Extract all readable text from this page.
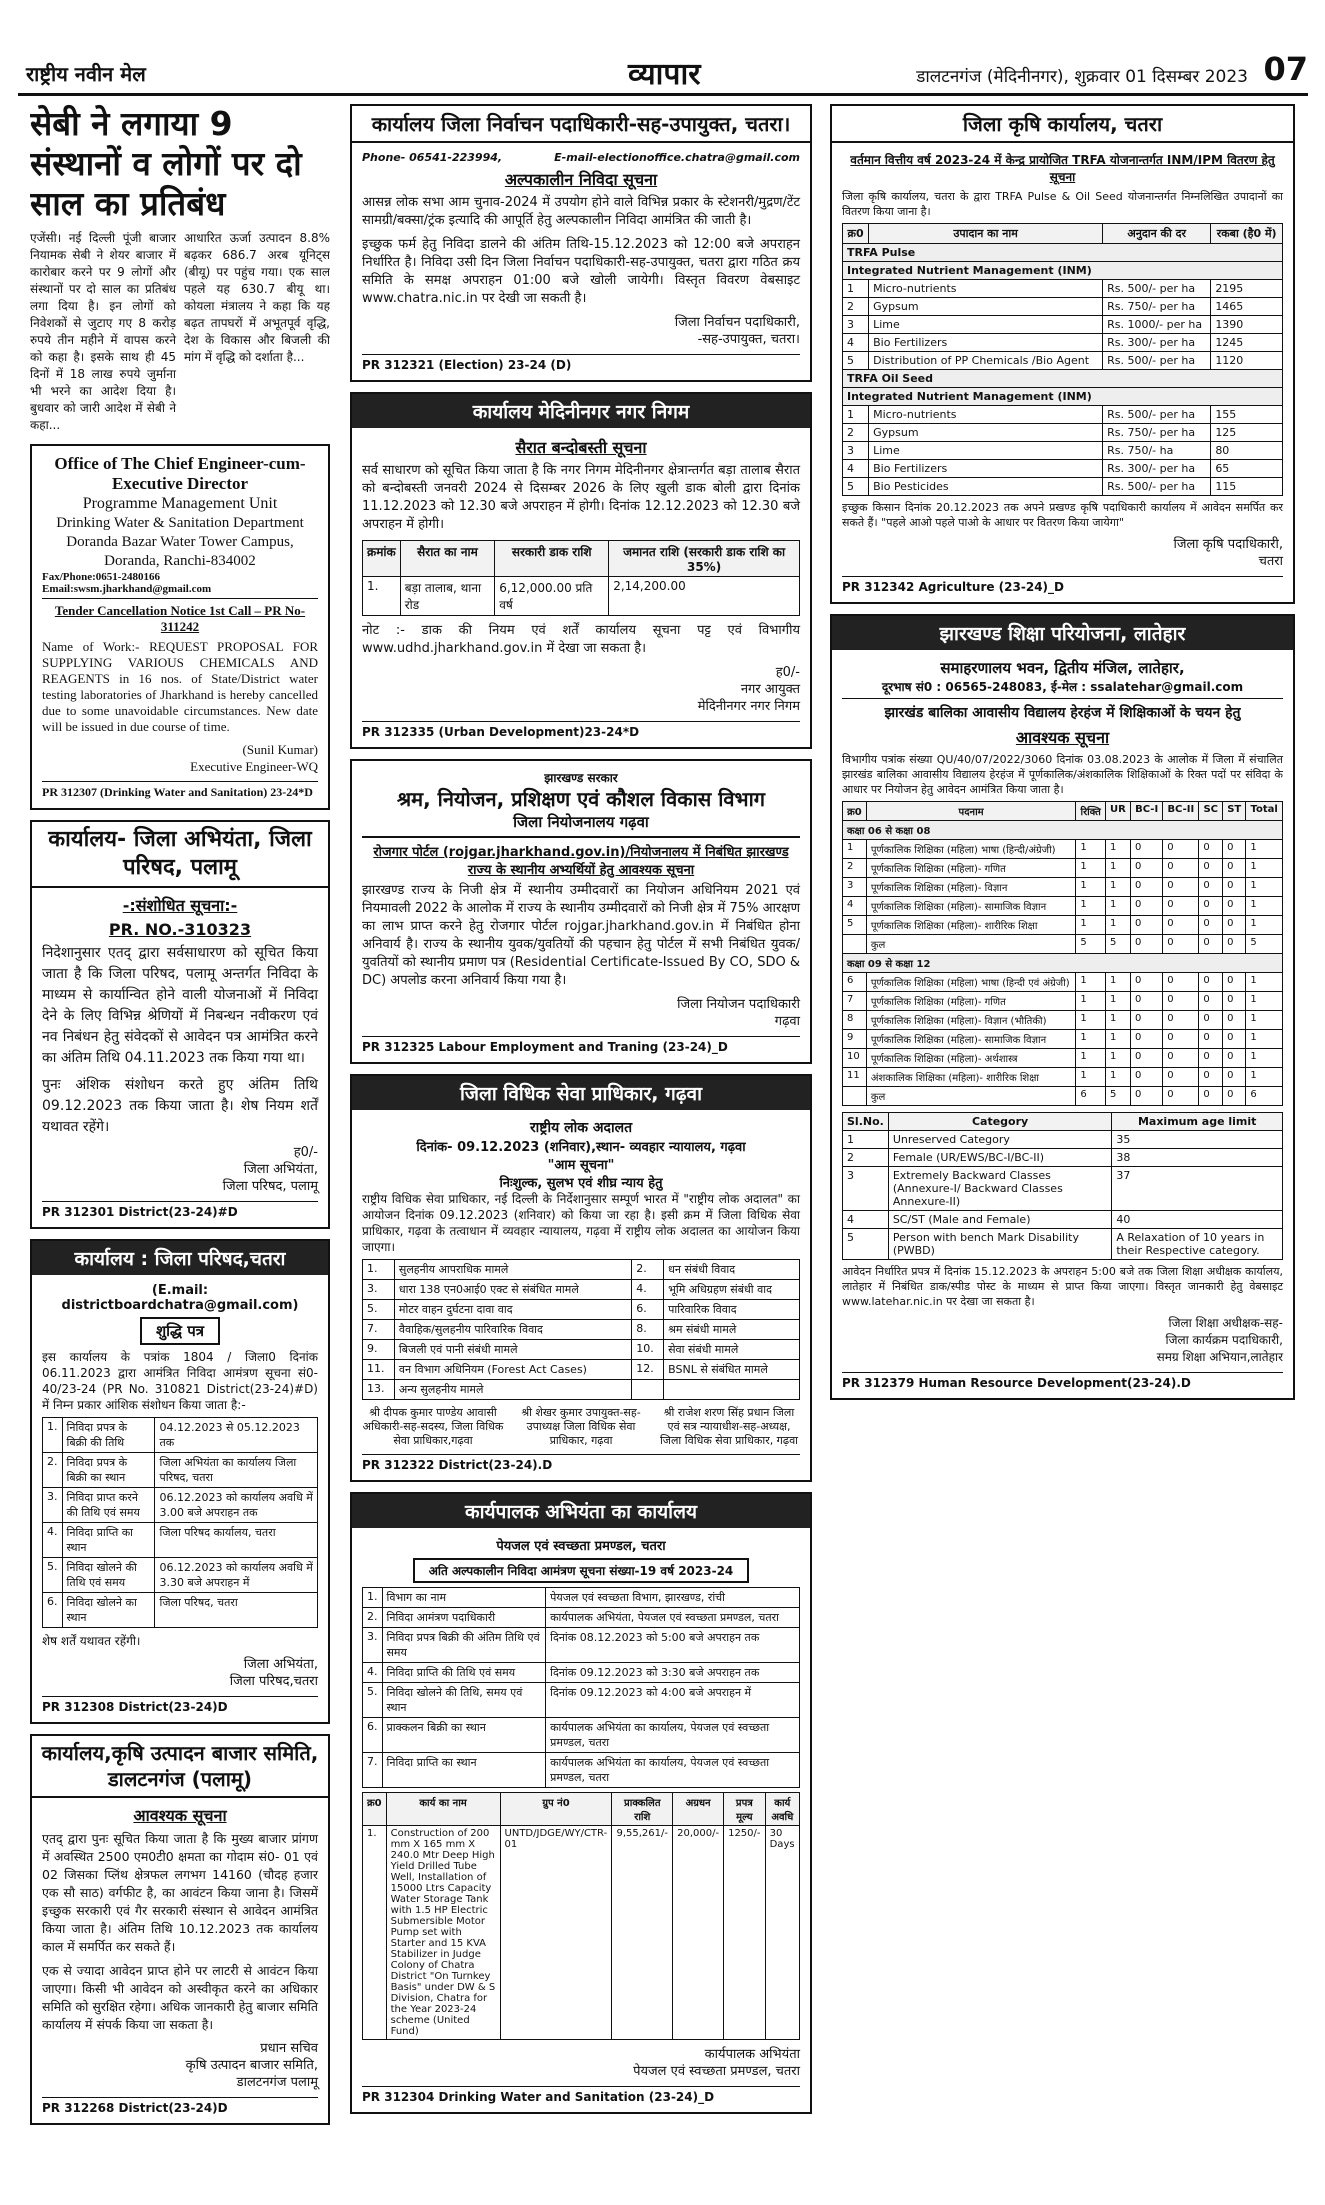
राष्ट्रीय नवीन मेल	व्यापार	डालटनगंज (मेदिनीनगर), शुक्रवार 01 दिसम्बर 2023 07
सेबी ने लगाया 9 संस्थानों व लोगों पर दो साल का प्रतिबंध
एजेंसी। नई दिल्ली पूंजी बाजार नियामक सेबी ने शेयर बाजार में कारोबार करने पर 9 लोगों और संस्थानों पर दो साल का प्रतिबंध लगा दिया है। इन लोगों को निवेशकों से जुटाए गए 8 करोड़ रुपये तीन महीने में वापस करने को कहा है। इसके साथ ही 45 दिनों में 18 लाख रुपये जुर्माना भी भरने का आदेश दिया है। बुधवार को जारी आदेश में सेबी ने कहा...
आधारित ऊर्जा उत्पादन 8.8% बढ़कर 686.7 अरब यूनिट्स (बीयू) पर पहुंच गया। एक साल पहले यह 630.7 बीयू था। कोयला मंत्रालय ने कहा कि यह बढ़त तापघरों में अभूतपूर्व वृद्धि, देश के विकास और बिजली की मांग में वृद्धि को दर्शाता है...
Office of The Chief Engineer-cum-Executive Director
Programme Management Unit
Drinking Water & Sanitation Department
Doranda Bazar Water Tower Campus,
Doranda, Ranchi-834002
Fax/Phone:0651-2480166 Email:swsm.jharkhand@gmail.com
Tender Cancellation Notice 1st Call – PR No- 311242

Name of Work:- REQUEST PROPOSAL FOR SUPPLYING VARIOUS CHEMICALS AND REAGENTS in 16 nos. of State/District water testing laboratories of Jharkhand is hereby cancelled due to some unavoidable circumstances. New date will be issued in due course of time.

(Sunil Kumar)
Executive Engineer-WQ
PR 312307 (Drinking Water and Sanitation) 23-24*D
कार्यालय- जिला अभियंता, जिला परिषद, पलामू
-:संशोधित सूचना:-
PR. NO.-310323

निदेशानुसार एतद् द्वारा सर्वसाधारण को सूचित किया जाता है कि जिला परिषद, पलामू अन्तर्गत निविदा के माध्यम से कार्यान्वित होने वाली योजनाओं में निविदा देने के लिए विभिन्न श्रेणियों में निबन्धन नवीकरण एवं नव निबंधन हेतु संवेदकों से आवेदन पत्र आमंत्रित करने का अंतिम तिथि 04.11.2023 तक किया गया था।

पुनः अंशिक संशोधन करते हुए अंतिम तिथि 09.12.2023 तक किया जाता है। शेष नियम शर्तें यथावत रहेंगे।

ह0/-
जिला अभियंता,
जिला परिषद, पलामू
PR 312301 District(23-24)#D
कार्यालय : जिला परिषद,चतरा
(E.mail: districtboardchatra@gmail.com)
शुद्धि पत्र

इस कार्यालय के पत्रांक 1804 / जिला0 दिनांक 06.11.2023 द्वारा आमंत्रित निविदा आमंत्रण सूचना सं0-40/23-24 (PR No. 310821 District(23-24)#D) में निम्न प्रकार आंशिक संशोधन किया जाता है:-

1.	निविदा प्रपत्र के बिक्री की तिथि	04.12.2023 से 05.12.2023 तक
2.	निविदा प्रपत्र के बिक्री का स्थान	जिला अभियंता का कार्यालय जिला परिषद, चतरा
3.	निविदा प्राप्त करने की तिथि एवं समय	06.12.2023 को कार्यालय अवधि में 3.00 बजे अपराहन तक
4.	निविदा प्राप्ति का स्थान	जिला परिषद कार्यालय, चतरा
5.	निविदा खोलने की तिथि एवं समय	06.12.2023 को कार्यालय अवधि में 3.30 बजे अपराहन में
6.	निविदा खोलने का स्थान	जिला परिषद, चतरा
शेष शर्तें यथावत रहेंगी।
जिला अभियंता,
जिला परिषद,चतरा
PR 312308 District(23-24)D
कार्यालय,कृषि उत्पादन बाजार समिति, डालटनगंज (पलामू)
आवश्यक सूचना

एतद् द्वारा पुनः सूचित किया जाता है कि मुख्य बाजार प्रांगण में अवस्थित 2500 एम0टी0 क्षमता का गोदाम सं0- 01 एवं 02 जिसका प्लिंथ क्षेत्रफल लगभग 14160 (चौदह हजार एक सौ साठ) वर्गफीट है, का आवंटन किया जाना है। जिसमें इच्छुक सरकारी एवं गैर सरकारी संस्थान से आवेदन आमंत्रित किया जाता है। अंतिम तिथि 10.12.2023 तक कार्यालय काल में समर्पित कर सकते हैं।

एक से ज्यादा आवेदन प्राप्त होने पर लाटरी से आवंटन किया जाएगा। किसी भी आवेदन को अस्वीकृत करने का अधिकार समिति को सुरक्षित रहेगा। अधिक जानकारी हेतु बाजार समिति कार्यालय में संपर्क किया जा सकता है।

प्रधान सचिव
कृषि उत्पादन बाजार समिति,
डालटनगंज पलामू
PR 312268 District(23-24)D
कार्यालय जिला निर्वाचन पदाधिकारी-सह-उपायुक्त, चतरा।
Phone- 06541-223994,	E-mail-electionoffice.chatra@gmail.com
अल्पकालीन निविदा सूचना

आसन्न लोक सभा आम चुनाव-2024 में उपयोग होने वाले विभिन्न प्रकार के स्टेशनरी/मुद्रण/टेंट सामग्री/बक्सा/ट्रंक इत्यादि की आपूर्ति हेतु अल्पकालीन निविदा आमंत्रित की जाती है।

इच्छुक फर्म हेतु निविदा डालने की अंतिम तिथि-15.12.2023 को 12:00 बजे अपराहन निर्धारित है। निविदा उसी दिन जिला निर्वाचन पदाधिकारी-सह-उपायुक्त, चतरा द्वारा गठित क्रय समिति के समक्ष अपराहन 01:00 बजे खोली जायेगी। विस्तृत विवरण वेबसाइट www.chatra.nic.in पर देखी जा सकती है।

जिला निर्वाचन पदाधिकारी,
-सह-उपायुक्त, चतरा।
PR 312321 (Election) 23-24 (D)
कार्यालय मेदिनीनगर नगर निगम
सैरात बन्दोबस्ती सूचना

सर्व साधारण को सूचित किया जाता है कि नगर निगम मेदिनीनगर क्षेत्रान्तर्गत बड़ा तालाब सैरात को बन्दोबस्ती जनवरी 2024 से दिसम्बर 2026 के लिए खुली डाक बोली द्वारा दिनांक 11.12.2023 को 12.30 बजे अपराहन में होगी। दिनांक 12.12.2023 को 12.30 बजे अपराहन में होगी।

क्रमांक	सैरात का नाम	सरकारी डाक राशि	जमानत राशि (सरकारी डाक राशि का 35%)
1.	बड़ा तालाब, थाना रोड	6,12,000.00 प्रति वर्ष	2,14,200.00

नोट :- डाक की नियम एवं शर्तें कार्यालय सूचना पट्ट एवं विभागीय www.udhd.jharkhand.gov.in में देखा जा सकता है।

ह0/-
नगर आयुक्त
मेदिनीनगर नगर निगम
PR 312335 (Urban Development)23-24*D
झारखण्ड सरकार
श्रम, नियोजन, प्रशिक्षण एवं कौशल विकास विभाग
जिला नियोजनालय गढ़वा
रोजगार पोर्टल (rojgar.jharkhand.gov.in)/नियोजनालय में निबंधित झारखण्ड राज्य के स्थानीय अभ्यर्थियों हेतु आवश्यक सूचना

झारखण्ड राज्य के निजी क्षेत्र में स्थानीय उम्मीदवारों का नियोजन अधिनियम 2021 एवं नियमावली 2022 के आलोक में राज्य के स्थानीय उम्मीदवारों को निजी क्षेत्र में 75% आरक्षण का लाभ प्राप्त करने हेतु रोजगार पोर्टल rojgar.jharkhand.gov.in में निबंधित होना अनिवार्य है। राज्य के स्थानीय युवक/युवतियों की पहचान हेतु पोर्टल में सभी निबंधित युवक/युवतियों को स्थानीय प्रमाण पत्र (Residential Certificate-Issued By CO, SDO & DC) अपलोड करना अनिवार्य किया गया है।

जिला नियोजन पदाधिकारी
गढ़वा
PR 312325 Labour Employment and Traning (23-24)_D
जिला विधिक सेवा प्राधिकार, गढ़वा
राष्ट्रीय लोक अदालत
दिनांक- 09.12.2023 (शनिवार),स्थान- व्यवहार न्यायालय, गढ़वा
"आम सूचना"
निःशुल्क, सुलभ एवं शीघ्र न्याय हेतु

राष्ट्रीय विधिक सेवा प्राधिकार, नई दिल्ली के निर्देशानुसार सम्पूर्ण भारत में "राष्ट्रीय लोक अदालत" का आयोजन दिनांक 09.12.2023 (शनिवार) को किया जा रहा है। इसी क्रम में जिला विधिक सेवा प्राधिकार, गढ़वा के तत्वाधान में व्यवहार न्यायालय, गढ़वा में राष्ट्रीय लोक अदालत का आयोजन किया जाएगा।

1.	सुलहनीय आपराधिक मामले	2.	धन संबंधी विवाद
3.	धारा 138 एन0आई0 एक्ट से संबंधित मामले	4.	भूमि अधिग्रहण संबंधी वाद
5.	मोटर वाहन दुर्घटना दावा वाद	6.	पारिवारिक विवाद
7.	वैवाहिक/सुलहनीय पारिवारिक विवाद	8.	श्रम संबंधी मामले
9.	बिजली एवं पानी संबंधी मामले	10.	सेवा संबंधी मामले
11.	वन विभाग अधिनियम (Forest Act Cases)	12.	BSNL से संबंधित मामले
13.	अन्य सुलहनीय मामले		
श्री दीपक कुमार पाण्डेय आवासी अधिकारी-सह-सदस्य, जिला विधिक सेवा प्राधिकार,गढ़वा
श्री शेखर कुमार उपायुक्त-सह-उपाध्यक्ष जिला विधिक सेवा प्राधिकार, गढ़वा
श्री राजेश शरण सिंह प्रधान जिला एवं सत्र न्यायाधीश-सह-अध्यक्ष, जिला विधिक सेवा प्राधिकार, गढ़वा
PR 312322 District(23-24).D
कार्यपालक अभियंता का कार्यालय
पेयजल एवं स्वच्छता प्रमण्डल, चतरा
अति अल्पकालीन निविदा आमंत्रण सूचना संख्या-19 वर्ष 2023-24
1.	विभाग का नाम	पेयजल एवं स्वच्छता विभाग, झारखण्ड, रांची
2.	निविदा आमंत्रण पदाधिकारी	कार्यपालक अभियंता, पेयजल एवं स्वच्छता प्रमण्डल, चतरा
3.	निविदा प्रपत्र बिक्री की अंतिम तिथि एवं समय	दिनांक 08.12.2023 को 5:00 बजे अपराहन तक
4.	निविदा प्राप्ति की तिथि एवं समय	दिनांक 09.12.2023 को 3:30 बजे अपराहन तक
5.	निविदा खोलने की तिथि, समय एवं स्थान	दिनांक 09.12.2023 को 4:00 बजे अपराहन में
6.	प्राक्कलन बिक्री का स्थान	कार्यपालक अभियंता का कार्यालय, पेयजल एवं स्वच्छता प्रमण्डल, चतरा
7.	निविदा प्राप्ति का स्थान	कार्यपालक अभियंता का कार्यालय, पेयजल एवं स्वच्छता प्रमण्डल, चतरा
क्र0	कार्य का नाम	ग्रुप नं0	प्राक्कलित राशि	अग्रधन	प्रपत्र मूल्य	कार्य अवधि
1.	Construction of 200 mm X 165 mm X 240.0 Mtr Deep High Yield Drilled Tube Well, Installation of 15000 Ltrs Capacity Water Storage Tank with 1.5 HP Electric Submersible Motor Pump set with Starter and 15 KVA Stabilizer in Judge Colony of Chatra District "On Turnkey Basis" under DW & S Division, Chatra for the Year 2023-24 scheme (United Fund)	UNTD/JDGE/WY/CTR-01	9,55,261/-	20,000/-	1250/-	30 Days
कार्यपालक अभियंता
पेयजल एवं स्वच्छता प्रमण्डल, चतरा
PR 312304 Drinking Water and Sanitation (23-24)_D
जिला कृषि कार्यालय, चतरा
वर्तमान वित्तीय वर्ष 2023-24 में केन्द्र प्रायोजित TRFA योजनान्तर्गत INM/IPM वितरण हेतु सूचना

जिला कृषि कार्यालय, चतरा के द्वारा TRFA Pulse & Oil Seed योजनान्तर्गत निम्नलिखित उपादानों का वितरण किया जाना है।

क्र0	उपादान का नाम	अनुदान की दर	रकबा (है0 में)
TRFA Pulse			
Integrated Nutrient Management (INM)			
1	Micro-nutrients	Rs. 500/- per ha	2195
2	Gypsum	Rs. 750/- per ha	1465
3	Lime	Rs. 1000/- per ha	1390
4	Bio Fertilizers	Rs. 300/- per ha	1245
5	Distribution of PP Chemicals /Bio Agent	Rs. 500/- per ha	1120
TRFA Oil Seed			
Integrated Nutrient Management (INM)			
1	Micro-nutrients	Rs. 500/- per ha	155
2	Gypsum	Rs. 750/- per ha	125
3	Lime	Rs. 750/- ha	80
4	Bio Fertilizers	Rs. 300/- per ha	65
5	Bio Pesticides	Rs. 500/- per ha	115

इच्छुक किसान दिनांक 20.12.2023 तक अपने प्रखण्ड कृषि पदाधिकारी कार्यालय में आवेदन समर्पित कर सकते हैं। "पहले आओ पहले पाओ के आधार पर वितरण किया जायेगा"

जिला कृषि पदाधिकारी,
चतरा
PR 312342 Agriculture (23-24)_D
झारखण्ड शिक्षा परियोजना, लातेहार
समाहरणालय भवन, द्वितीय मंजिल, लातेहार,
दूरभाष सं0 : 06565-248083, ई-मेल : ssalatehar@gmail.com
झारखंड बालिका आवासीय विद्यालय हेरहंज में शिक्षिकाओं के चयन हेतु
आवश्यक सूचना

विभागीय पत्रांक संख्या QU/40/07/2022/3060 दिनांक 03.08.2023 के आलोक में जिला में संचालित झारखंड बालिका आवासीय विद्यालय हेरहंज में पूर्णकालिक/अंशकालिक शिक्षिकाओं के रिक्त पदों पर संविदा के आधार पर नियोजन हेतु आवेदन आमंत्रित किया जाता है।

क्र0	पदनाम	रिक्ति	UR	BC-I	BC-II	SC	ST	Total
कक्षा 06 से कक्षा 08								
1	पूर्णकालिक शिक्षिका (महिला) भाषा (हिन्दी/अंग्रेजी)	1	1	0	0	0	0	1
2	पूर्णकालिक शिक्षिका (महिला)- गणित	1	1	0	0	0	0	1
3	पूर्णकालिक शिक्षिका (महिला)- विज्ञान	1	1	0	0	0	0	1
4	पूर्णकालिक शिक्षिका (महिला)- सामाजिक विज्ञान	1	1	0	0	0	0	1
5	पूर्णकालिक शिक्षिका (महिला)- शारीरिक शिक्षा	1	1	0	0	0	0	1
	कुल	5	5	0	0	0	0	5
कक्षा 09 से कक्षा 12								
6	पूर्णकालिक शिक्षिका (महिला) भाषा (हिन्दी एवं अंग्रेजी)	1	1	0	0	0	0	1
7	पूर्णकालिक शिक्षिका (महिला)- गणित	1	1	0	0	0	0	1
8	पूर्णकालिक शिक्षिका (महिला)- विज्ञान (भौतिकी)	1	1	0	0	0	0	1
9	पूर्णकालिक शिक्षिका (महिला)- सामाजिक विज्ञान	1	1	0	0	0	0	1
10	पूर्णकालिक शिक्षिका (महिला)- अर्थशास्त्र	1	1	0	0	0	0	1
11	अंशकालिक शिक्षिका (महिला)- शारीरिक शिक्षा	1	1	0	0	0	0	1
	कुल	6	5	0	0	0	0	6
Sl.No.	Category	Maximum age limit
1	Unreserved Category	35
2	Female (UR/EWS/BC-I/BC-II)	38
3	Extremely Backward Classes (Annexure-I/ Backward Classes Annexure-II)	37
4	SC/ST (Male and Female)	40
5	Person with bench Mark Disability (PWBD)	A Relaxation of 10 years in their Respective category.

आवेदन निर्धारित प्रपत्र में दिनांक 15.12.2023 के अपराहन 5:00 बजे तक जिला शिक्षा अधीक्षक कार्यालय, लातेहार में निबंधित डाक/स्पीड पोस्ट के माध्यम से प्राप्त किया जाएगा। विस्तृत जानकारी हेतु वेबसाइट www.latehar.nic.in पर देखा जा सकता है।

जिला शिक्षा अधीक्षक-सह-
जिला कार्यक्रम पदाधिकारी,
समग्र शिक्षा अभियान,लातेहार
PR 312379 Human Resource Development(23-24).D
